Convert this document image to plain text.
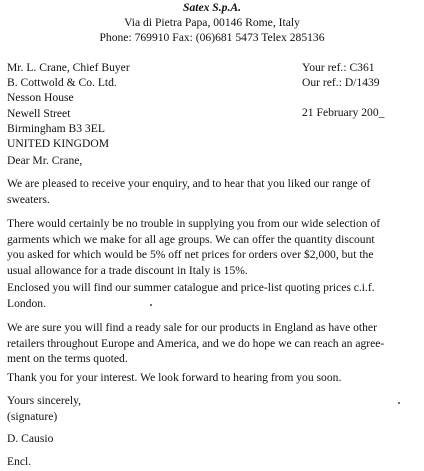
Satex S.p.A.
Via di Pietra Papa, 00146 Rome, Italy
Phone: 769910 Fax: (06)681 5473 Telex 285136
Mr. L. Crane, Chief Buyer
B. Cottwold & Co. Ltd.
Nesson House
Newell Street
Birmingham B3 3EL
UNITED KINGDOM
Your ref.: C361
Our ref.: D/1439
21 February 200_
Dear Mr. Crane,
We are pleased to receive your enquiry, and to hear that you liked our range of
sweaters.
There would certainly be no trouble in supplying you from our wide selection of
garments which we make for all age groups. We can offer the quantity discount
you asked for which would be 5% off net prices for orders over $2,000, but the
usual allowance for a trade discount in Italy is 15%.
Enclosed you will find our summer catalogue and price-list quoting prices c.i.f.
London.
We are sure you will find a ready sale for our products in England as have other
retailers throughout Europe and America, and we do hope we can reach an agree-
ment on the terms quoted.
Thank you for your interest. We look forward to hearing from you soon.
Yours sincerely,
(signature)
D. Causio
Encl.
